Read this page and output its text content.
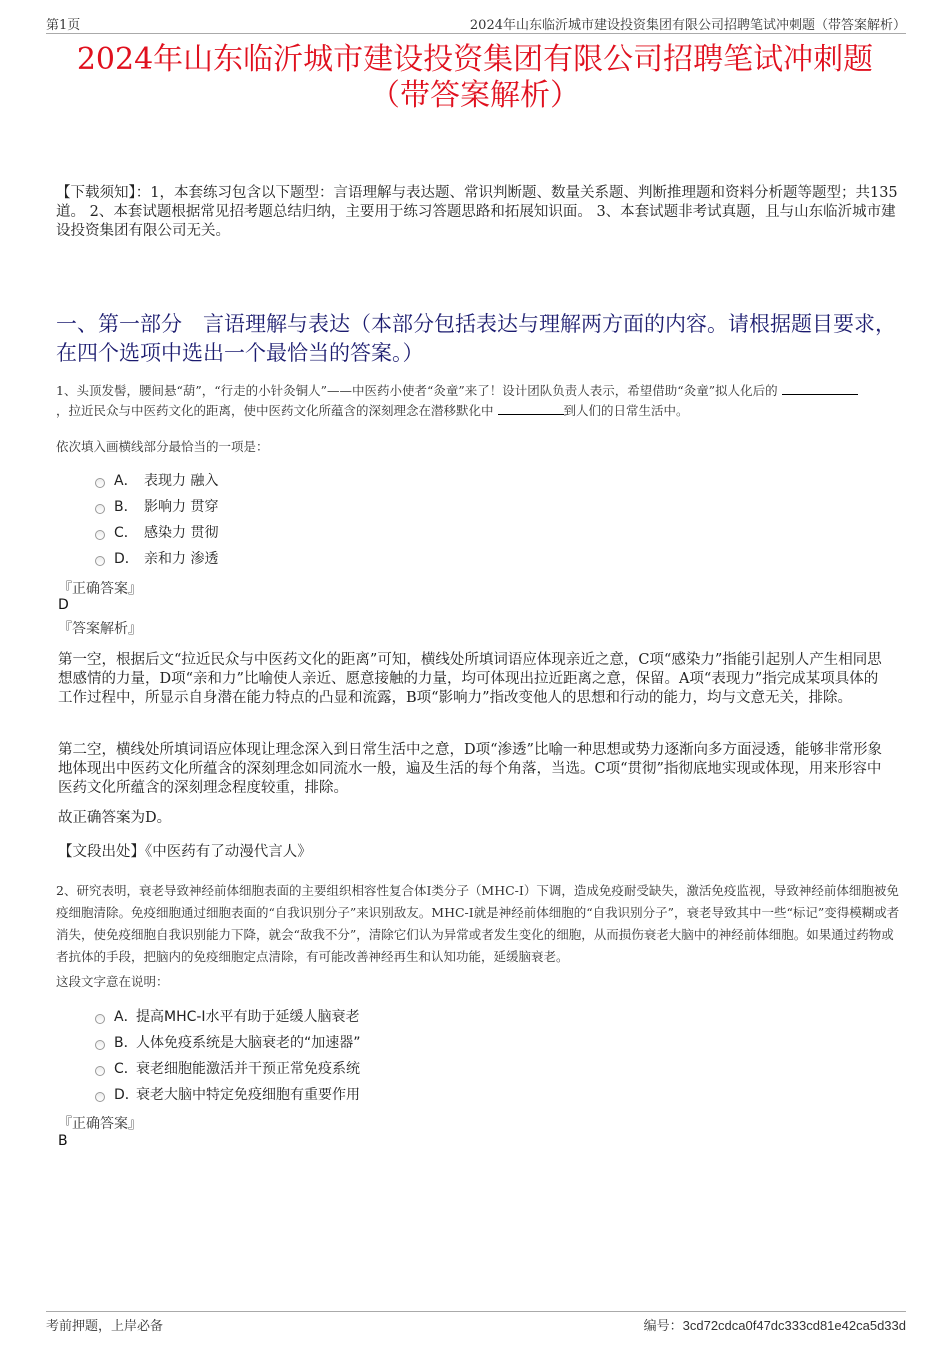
第1页	2024年山东临沂城市建设投资集团有限公司招聘笔试冲刺题（带答案解析）
2024年山东临沂城市建设投资集团有限公司招聘笔试冲刺题
（带答案解析）
【下载须知】：1，本套练习包含以下题型：言语理解与表达题、常识判断题、数量关系题、判断推理题和资料分析题等题型；共135道。 2、本套试题根据常见招考题总结归纳，主要用于练习答题思路和拓展知识面。 3、本套试题非考试真题，且与山东临沂城市建设投资集团有限公司无关。
一、第一部分　言语理解与表达（本部分包括表达与理解两方面的内容。请根据题目要求，在四个选项中选出一个最恰当的答案。）
1、头顶发髻，腰间悬“葫”，“行走的小针灸铜人”——中医药小使者“灸童”来了！设计团队负责人表示，希望借助“灸童”拟人化后的
，拉近民众与中医药文化的距离，使中医药文化所蕴含的深刻理念在潜移默化中	到人们的日常生活中。
依次填入画横线部分最恰当的一项是：
A． 表现力 融入
B． 影响力 贯穿
C． 感染力 贯彻
D． 亲和力 渗透
『正确答案』
D
『答案解析』
第一空，根据后文“拉近民众与中医药文化的距离”可知，横线处所填词语应体现亲近之意，C项“感染力”指能引起别人产生相同思想感情的力量，D项“亲和力”比喻使人亲近、愿意接触的力量，均可体现出拉近距离之意，保留。A项“表现力”指完成某项具体的工作过程中，所显示自身潜在能力特点的凸显和流露，B项“影响力”指改变他人的思想和行动的能力，均与文意无关，排除。
第二空，横线处所填词语应体现让理念深入到日常生活中之意，D项“渗透”比喻一种思想或势力逐渐向多方面浸透，能够非常形象地体现出中医药文化所蕴含的深刻理念如同流水一般，遍及生活的每个角落，当选。C项“贯彻”指彻底地实现或体现，用来形容中医药文化所蕴含的深刻理念程度较重，排除。
故正确答案为D。
【文段出处】《中医药有了动漫代言人》
2、研究表明，衰老导致神经前体细胞表面的主要组织相容性复合体I类分子（MHC-I）下调，造成免疫耐受缺失，激活免疫监视，导致神经前体细胞被免疫细胞清除。免疫细胞通过细胞表面的“自我识别分子”来识别敌友。MHC-I就是神经前体细胞的“自我识别分子”，衰老导致其中一些“标记”变得模糊或者消失，使免疫细胞自我识别能力下降，就会“敌我不分”，清除它们认为异常或者发生变化的细胞，从而损伤衰老大脑中的神经前体细胞。如果通过药物或者抗体的手段，把脑内的免疫细胞定点清除，有可能改善神经再生和认知功能，延缓脑衰老。
这段文字意在说明：
A．
提高MHC-I水平有助于延缓人脑衰老
B．
人体免疫系统是大脑衰老的“加速器”
C．
衰老细胞能激活并干预正常免疫系统
D．
衰老大脑中特定免疫细胞有重要作用
『正确答案』
B
考前押题，上岸必备	编号：3cd72cdca0f47dc333cd81e42ca5d33d
